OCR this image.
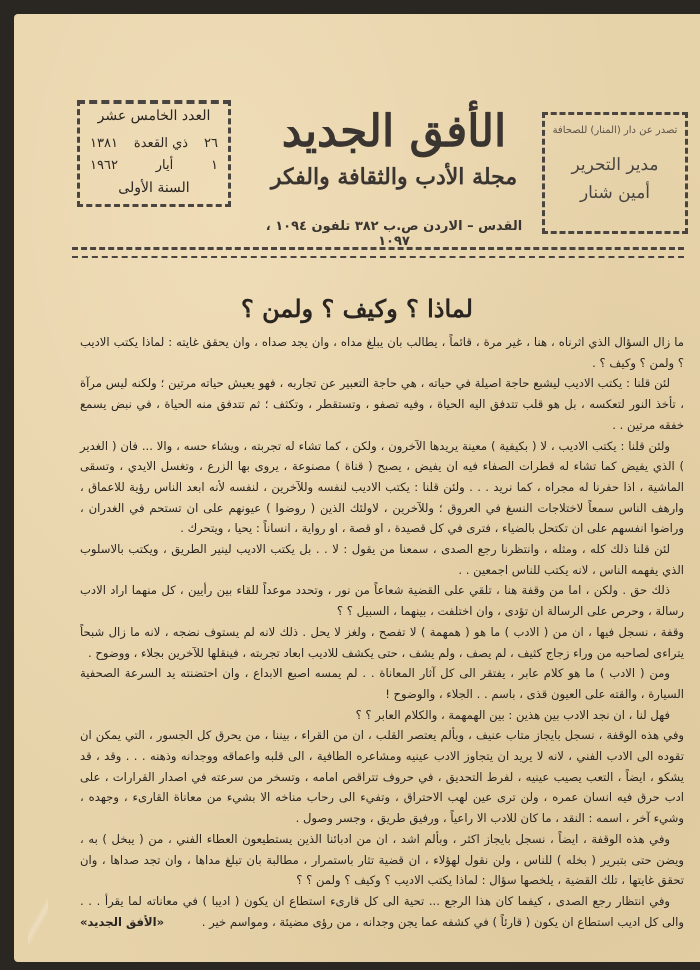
العدد الخامس عشر
٢٦
ذي القعدة
١٣٨١
١
أيار
١٩٦٢
السنة الأولى
الأفق الجديد
مجلة الأدب والثقافة والفكر
القدس – الاردن ص.ب ٣٨٢ تلفون ١٠٩٤ ، ١٠٩٧
تصدر عن دار (المنار) للصحافة
مدير التحرير
أمين شنار
لماذا ؟ وكيف ؟ ولمن ؟

ما زال السؤال الذي اثرناه ، هنا ، غير مرة ، قائماً ، يطالب بان يبلغ مداه ، وان يجد صداه ، وان يحقق غايته : لماذا يكتب الاديب ؟ ولمن ؟ وكيف ؟ .

لئن قلنا : يكتب الاديب ليشبع حاجة اصيلة في حياته ، هي حاجة التعبير عن تجاربه ، فهو يعيش حياته مرتين ؛ ولكنه ليس مرآة ، تأخذ النور لتعكسه ، بل هو قلب تتدفق اليه الحياة ، وفيه تصفو ، وتستقطر ، وتكثف ؛ ثم تتدفق منه الحياة ، في نبض يسمع خفقه مرتين . .

ولئن قلنا : يكتب الاديب ، لا ( بكيفية ) معينة يريدها الآخرون ، ولكن ، كما تشاء له تجربته ، ويشاء حسه ، والا ... فان ( الغدير ) الذي يفيض كما تشاء له قطرات الصفاء فيه ان يفيض ، يصبح ( قناة ) مصنوعة ، يروى بها الزرع ، وتغسل الايدي ، وتسقى الماشية ، اذا حفرنا له مجراه ، كما نريد . . . ولئن قلنا : يكتب الاديب لنفسه وللآخرين ، لنفسه لأنه ابعد الناس رؤية للاعماق ، وارهف الناس سمعاً لاختلاجات النسغ في العروق ؛ وللآخرين ، لاولئك الذين ( روضوا ) عيونهم على ان تستحم في الغدران ، وراضوا انفسهم على ان تكتحل بالضياء ، فترى في كل قصيدة ، او قصة ، او رواية ، انساناً : يحيا ، ويتحرك .

لئن قلنا ذلك كله ، ومثله ، وانتظرنا رجع الصدى ، سمعنا من يقول : لا . . بل يكتب الاديب لينير الطريق ، ويكتب بالاسلوب الذي يفهمه الناس ، لانه يكتب للناس اجمعين . .

ذلك حق . ولكن ، اما من وقفة هنا ، تلقي على القضية شعاعاً من نور ، وتحدد موعداً للقاء بين رأيين ، كل منهما اراد الادب رسالة ، وحرص على الرسالة ان تؤدى ، وان اختلفت ، بينهما ، السبيل ؟ ؟

وقفة ، نسجل فيها ، ان من ( الادب ) ما هو ( همهمة ) لا تفصح ، ولغز لا يحل . ذلك لانه لم يستوف نضجه ، لانه ما زال شبحاً يتراءى لصاحبه من وراء زجاج كثيف ، لم يصف ، ولم يشف ، حتى يكشف للاديب ابعاد تجربته ، فينقلها للآخرين بجلاء ، ووضوح .

ومن ( الادب ) ما هو كلام عابر ، يفتقر الى كل آثار المعاناة . . لم يمسه اصبع الابداع ، وان احتضنته يد السرعة الصحفية السيارة ، والقته على العيون قذى ، باسم . . الجلاء ، والوضوح !

فهل لنا ، ان نجد الادب بين هذين : بين الهمهمة ، والكلام العابر ؟ ؟

وفي هذه الوقفة ، نسجل بايجاز متاب عنيف ، وبألم يعتصر القلب ، ان من القراء ، بيننا ، من يحرق كل الجسور ، التي يمكن ان تقوده الى الادب الفني ، لانه لا يريد ان يتجاوز الادب عينيه ومشاعره الطافية ، الى قلبه واعماقه ووجدانه وذهنه . . . وقد ، قد يشكو ، ايضاً ، التعب يصيب عينيه ، لفرط التحديق ، في حروف تتراقص امامه ، وتسخر من سرعته في اصدار القرارات ، على ادب حرق فيه انسان عمره ، ولن ترى عين لهب الاحتراق ، وتفيء الى رحاب مناخه الا بشيء من معاناة القارىء ، وجهده ، وشيء آخر ، اسمه : النقد ، ما كان للادب الا راعياً ، ورفيق طريق ، وجسر وصول .

وفي هذه الوقفة ، ايضاً ، نسجل بايجاز اكثر ، وبألم اشد ، ان من ادبائنا الذين يستطيعون العطاء الفني ، من ( يبخل ) به ، ويضن حتى بتبرير ( بخله ) للناس ، ولن نقول لهؤلاء ، ان قضية تثار باستمرار ، مطالبة بان تبلغ مداها ، وان تجد صداها ، وان تحقق غايتها ، تلك القضية ، يلخصها سؤال : لماذا يكتب الاديب ؟ وكيف ؟ ولمن ؟ ؟

وفي انتظار رجع الصدى ، كيفما كان هذا الرجع ... تحية الى كل قارىء استطاع ان يكون ( اديبا ) في معاناته لما يقرأ . . . والى كل اديب استطاع ان يكون ( قارئاً ) في كشفه عما يجن وجدانه ، من رؤى مضيئة ، ومواسم خير .
«الأفق الجديد»
